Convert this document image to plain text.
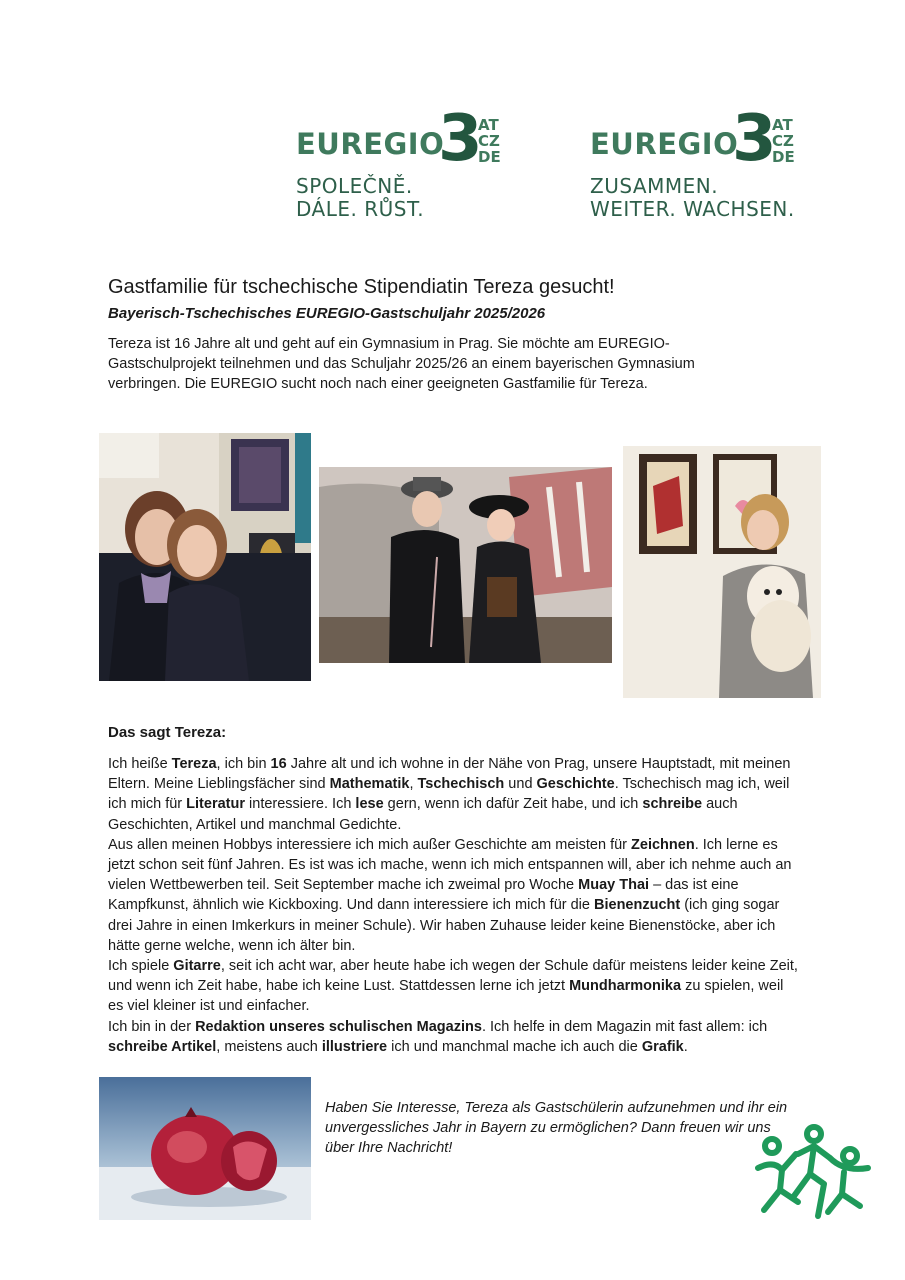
EUREGIO
3
AT
CZ
DE
SPOLEČNĚ.
DÁLE. RŮST.
EUREGIO
3
AT
CZ
DE
ZUSAMMEN.
WEITER. WACHSEN.
Gastfamilie für tschechische Stipendiatin Tereza gesucht!
Bayerisch-Tschechisches EUREGIO-Gastschuljahr 2025/2026
Tereza ist 16 Jahre alt und geht auf ein Gymnasium in Prag. Sie möchte am EUREGIO-Gastschulprojekt teilnehmen und das Schuljahr 2025/26 an einem bayerischen Gymnasium verbringen. Die EUREGIO sucht noch nach einer geeigneten Gastfamilie für Tereza.
Das sagt Tereza:

Ich heiße Tereza, ich bin 16 Jahre alt und ich wohne in der Nähe von Prag, unsere Hauptstadt, mit meinen Eltern. Meine Lieblingsfächer sind Mathematik, Tschechisch und Geschichte. Tschechisch mag ich, weil ich mich für Literatur interessiere. Ich lese gern, wenn ich dafür Zeit habe, und ich schreibe auch Geschichten, Artikel und manchmal Gedichte.

Aus allen meinen Hobbys interessiere ich mich außer Geschichte am meisten für Zeichnen. Ich lerne es jetzt schon seit fünf Jahren. Es ist was ich mache, wenn ich mich entspannen will, aber ich nehme auch an vielen Wettbewerben teil. Seit September mache ich zweimal pro Woche Muay Thai – das ist eine Kampfkunst, ähnlich wie Kickboxing. Und dann interessiere ich mich für die Bienenzucht (ich ging sogar drei Jahre in einen Imkerkurs in meiner Schule). Wir haben Zuhause leider keine Bienenstöcke, aber ich hätte gerne welche, wenn ich älter bin.

Ich spiele Gitarre, seit ich acht war, aber heute habe ich wegen der Schule dafür meistens leider keine Zeit, und wenn ich Zeit habe, habe ich keine Lust. Stattdessen lerne ich jetzt Mundharmonika zu spielen, weil es viel kleiner ist und einfacher.

Ich bin in der Redaktion unseres schulischen Magazins. Ich helfe in dem Magazin mit fast allem: ich schreibe Artikel, meistens auch illustriere ich und manchmal mache ich auch die Grafik.

Haben Sie Interesse, Tereza als Gastschülerin aufzunehmen und ihr ein unvergessliches Jahr in Bayern zu ermöglichen? Dann freuen wir uns über Ihre Nachricht!
